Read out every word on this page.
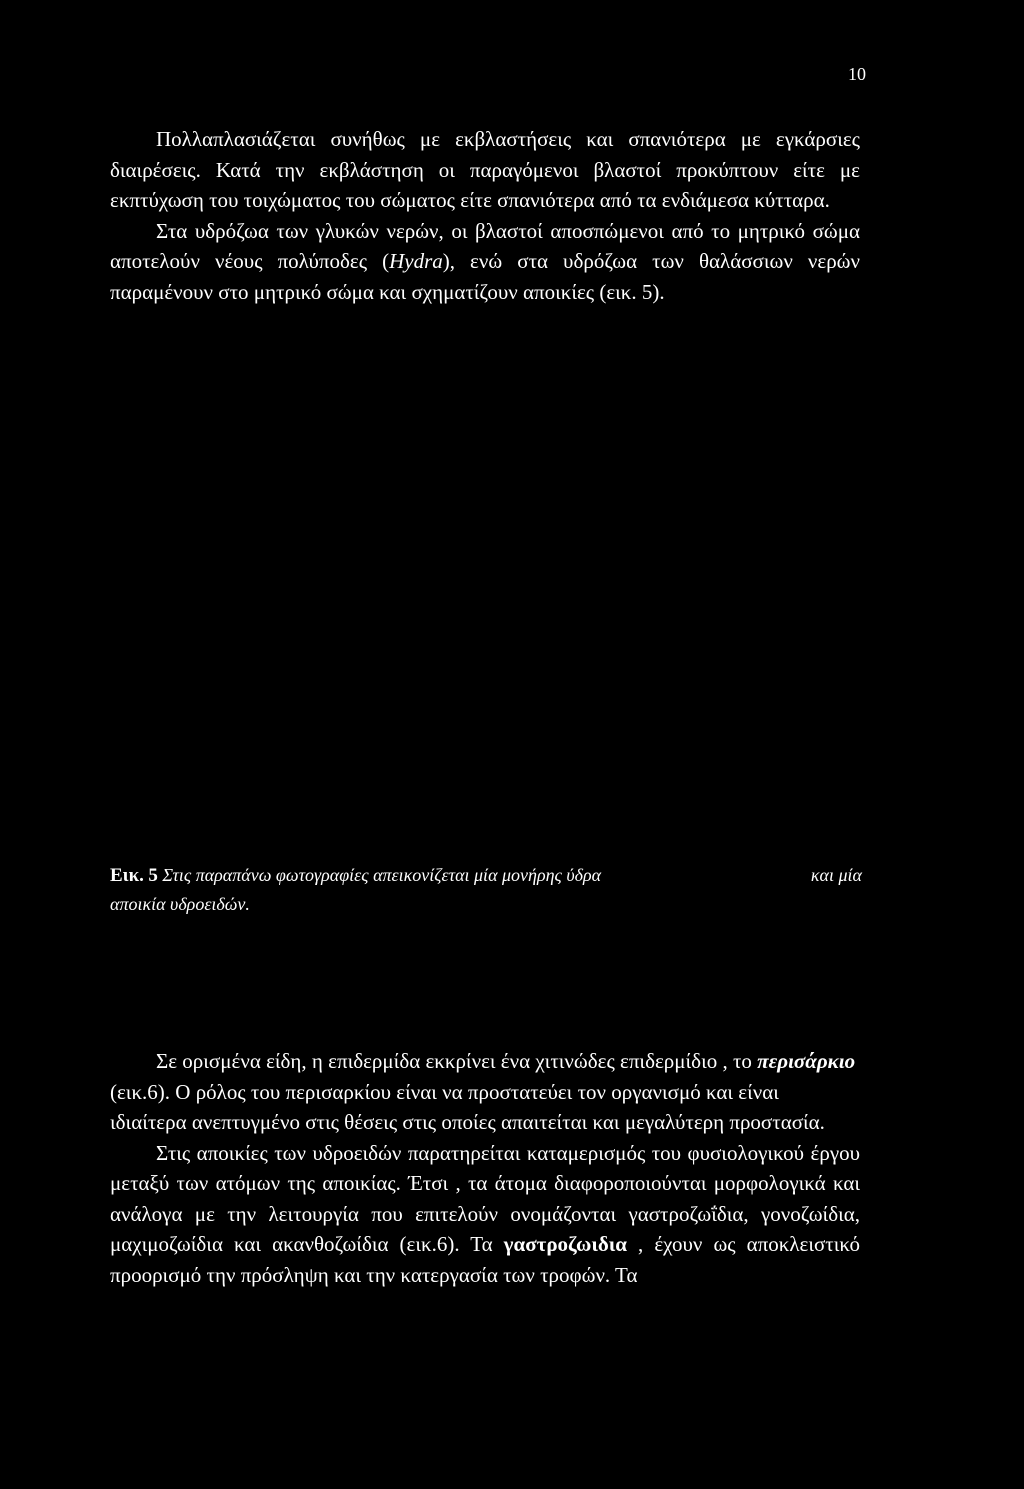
10

Πολλαπλασιάζεται συνήθως με εκβλαστήσεις και σπανιότερα με εγκάρσιες διαιρέσεις. Κατά την εκβλάστηση οι παραγόμενοι βλαστοί προκύπτουν είτε με εκπτύχωση του τοιχώματος του σώματος είτε σπανιότερα από τα ενδιάμεσα κύτταρα.

Στα υδρόζωα των γλυκών νερών, οι βλαστοί αποσπώμενοι από το μητρικό σώμα αποτελούν νέους πολύποδες (Hydra), ενώ στα υδρόζωα των θαλάσσιων νερών παραμένουν στο μητρικό σώμα και σχηματίζουν αποικίες (εικ. 5).

Εικ. 5 Στις παραπάνω φωτογραφίες απεικονίζεται μία μονήρης ύδρα	και μία
αποικία υδροειδών.

Σε ορισμένα είδη, η επιδερμίδα εκκρίνει ένα χιτινώδες επιδερμίδιο , το περισάρκιο (εικ.6). Ο ρόλος του περισαρκίου είναι να προστατεύει τον οργανισμό και είναι ιδιαίτερα ανεπτυγμένο στις θέσεις στις οποίες απαιτείται και μεγαλύτερη προστασία.

Στις αποικίες των υδροειδών παρατηρείται καταμερισμός του φυσιολογικού έργου μεταξύ των ατόμων της αποικίας. Έτσι , τα άτομα διαφοροποιούνται μορφολογικά και ανάλογα με την λειτουργία που επιτελούν ονομάζονται γαστροζωΐδια, γονοζωίδια, μαχιμοζωίδια και ακανθοζωίδια (εικ.6). Τα γαστροζωιδια , έχουν ως αποκλειστικό προορισμό την πρόσληψη και την κατεργασία των τροφών. Τα
